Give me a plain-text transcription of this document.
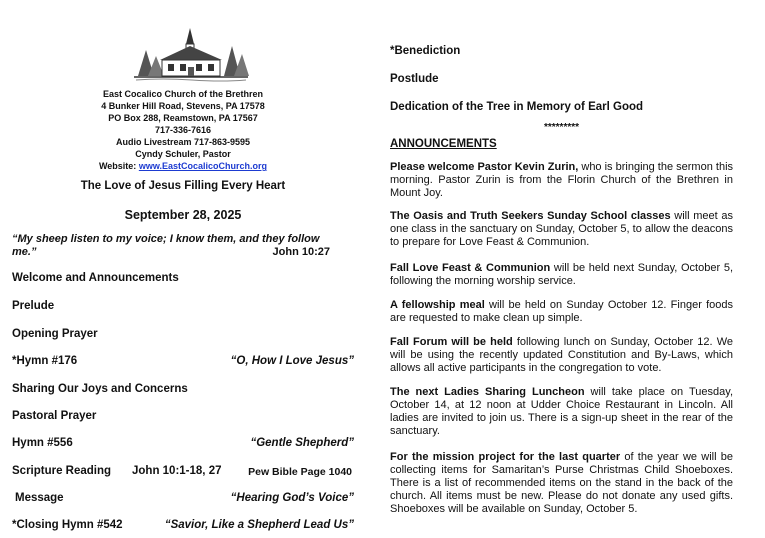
East Cocalico Church of the Brethren
4 Bunker Hill Road, Stevens, PA 17578
PO Box 288, Reamstown, PA 17567
717-336-7616
Audio Livestream 717-863-9595
Cyndy Schuler, Pastor
Website: www.EastCocalicoChurch.org
The Love of Jesus Filling Every Heart
September 28, 2025
“My sheep listen to my voice; I know them, and they follow
me.”	John 10:27
Welcome and Announcements
Prelude
Opening Prayer
*Hymn #176	“O, How I Love Jesus”
Sharing Our Joys and Concerns
Pastoral Prayer
Hymn #556	“Gentle Shepherd”
Scripture Reading John 10:1-18, 27	Pew Bible Page 1040
Message	“Hearing God’s Voice”
*Closing Hymn #542	“Savior, Like a Shepherd Lead Us”
*Benediction
Postlude
Dedication of the Tree in Memory of Earl Good
*********
ANNOUNCEMENTS
Please welcome Pastor Kevin Zurin, who is bringing the sermon this morning. Pastor Zurin is from the Florin Church of the Brethren in Mount Joy.
The Oasis and Truth Seekers Sunday School classes will meet as one class in the sanctuary on Sunday, October 5, to allow the deacons to prepare for Love Feast & Communion.
Fall Love Feast & Communion will be held next Sunday, October 5, following the morning worship service.
A fellowship meal will be held on Sunday October 12. Finger foods are requested to make clean up simple.
Fall Forum will be held following lunch on Sunday, October 12. We will be using the recently updated Constitution and By-Laws, which allows all active participants in the congregation to vote.
The next Ladies Sharing Luncheon will take place on Tuesday, October 14, at 12 noon at Udder Choice Restaurant in Lincoln. All ladies are invited to join us. There is a sign-up sheet in the rear of the sanctuary.
For the mission project for the last quarter of the year we will be collecting items for Samaritan’s Purse Christmas Child Shoeboxes. There is a list of recommended items on the stand in the back of the church. All items must be new. Please do not donate any used gifts. Shoeboxes will be available on Sunday, October 5.
